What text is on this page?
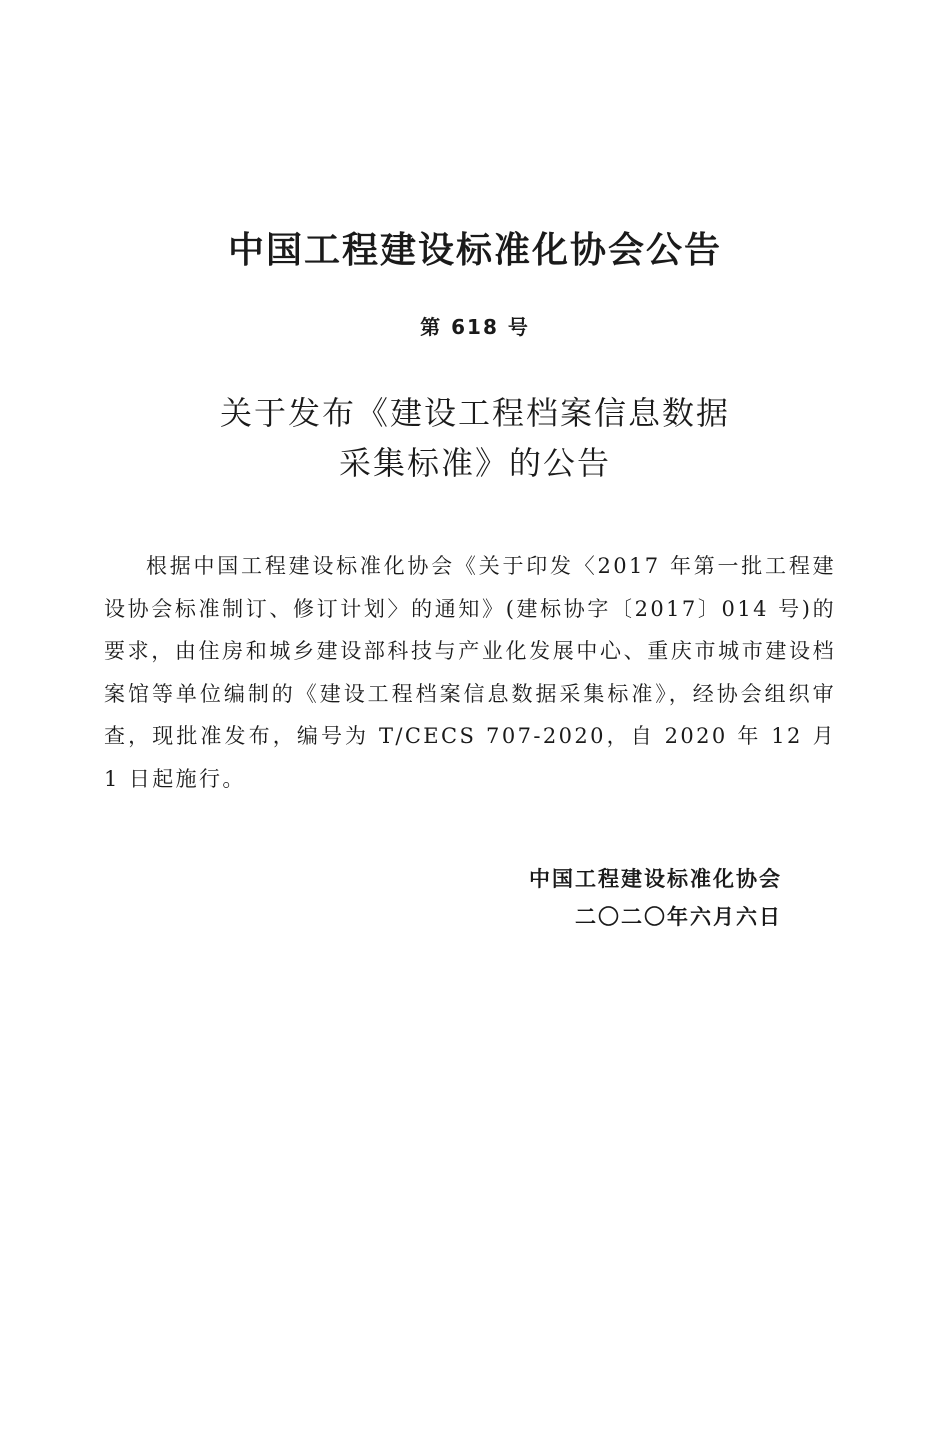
中国工程建设标准化协会公告
第 618 号
关于发布《建设工程档案信息数据
采集标准》的公告

根据中国工程建设标准化协会《关于印发〈2017 年第一批工程建设协会标准制订、修订计划〉的通知》(建标协字〔2017〕014 号)的要求，由住房和城乡建设部科技与产业化发展中心、重庆市城市建设档案馆等单位编制的《建设工程档案信息数据采集标准》，经协会组织审查，现批准发布，编号为 T/CECS 707-2020，自 2020 年 12 月 1 日起施行。

中国工程建设标准化协会
二〇二〇年六月六日
